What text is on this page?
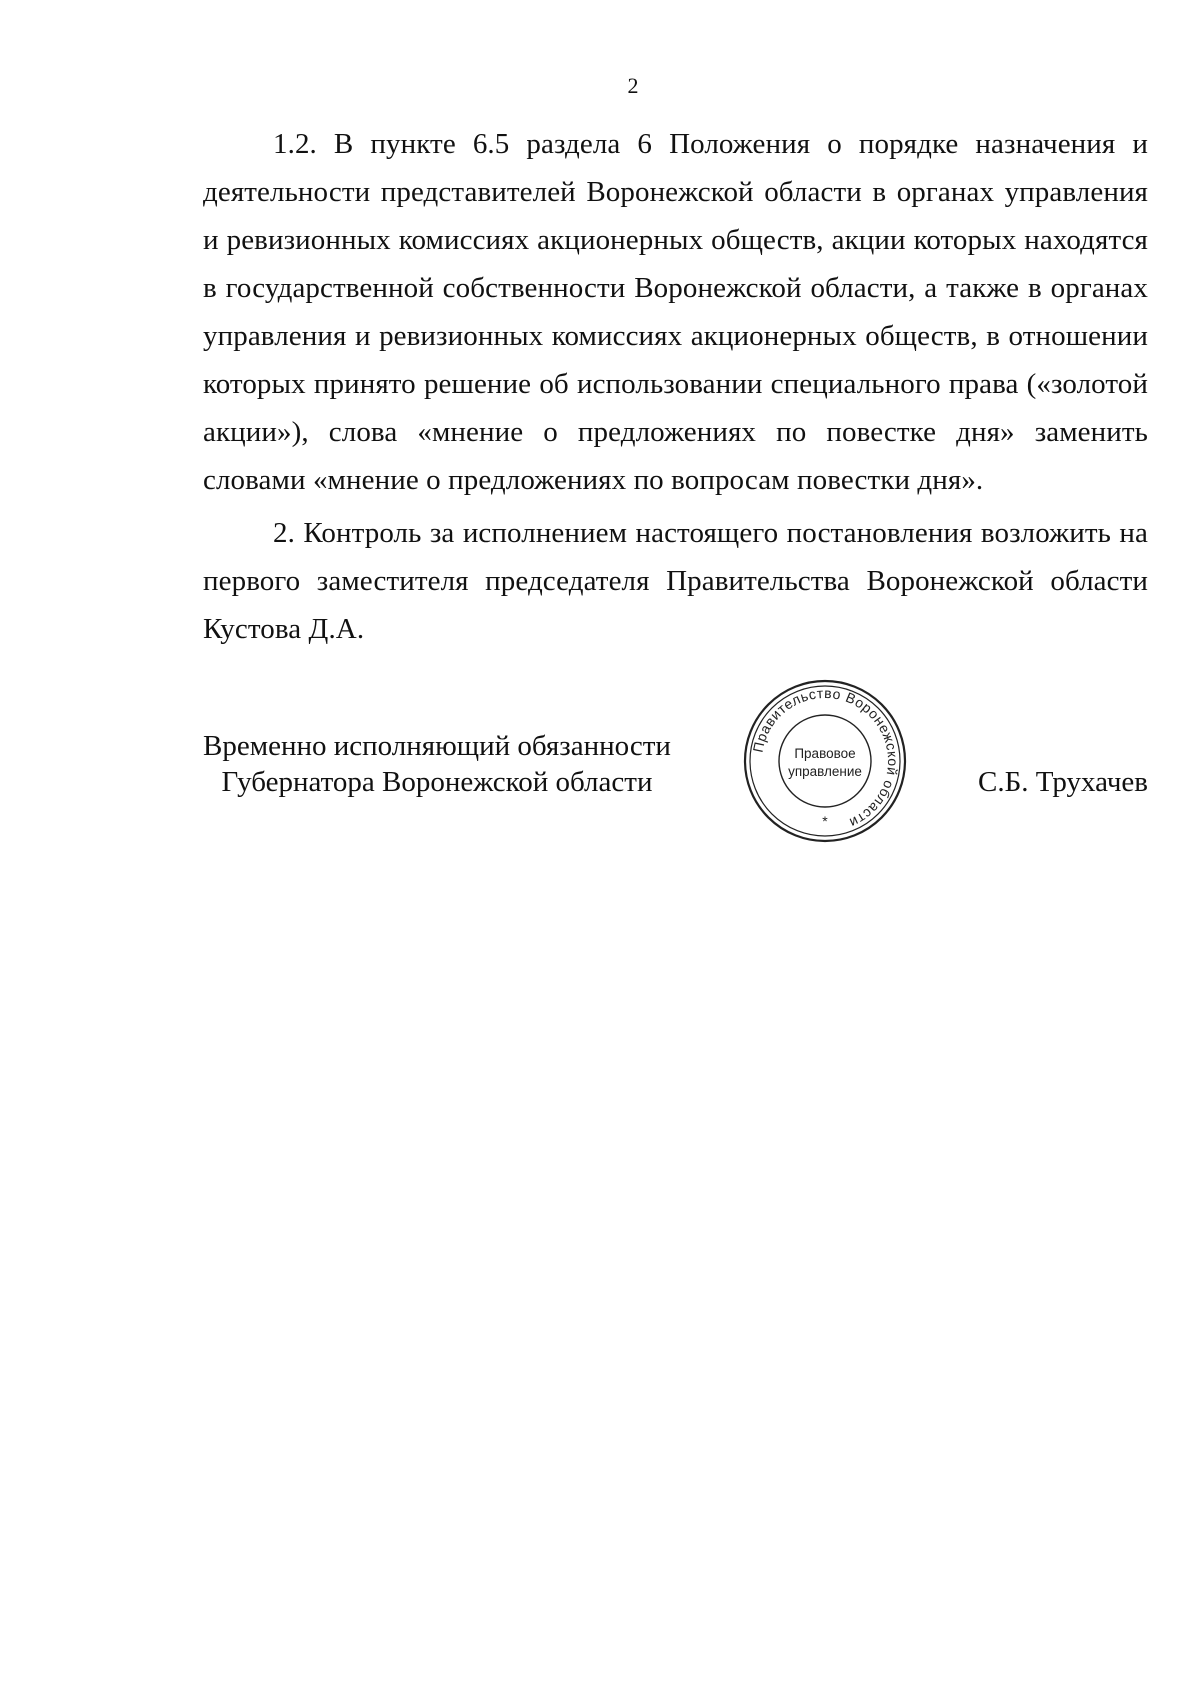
2

1.2. В пункте 6.5 раздела 6 Положения о порядке назначения и деятельности представителей Воронежской области в органах управления и ревизионных комиссиях акционерных обществ, акции которых находятся в государственной собственности Воронежской области, а также в органах управления и ревизионных комиссиях акционерных обществ, в отношении которых принято решение об использовании специального права («золотой акции»), слова «мнение о предложениях по повестке дня» заменить словами «мнение о предложениях по вопросам повестки дня».

2. Контроль за исполнением настоящего постановления возложить на первого заместителя председателя Правительства Воронежской области Кустова Д.А.

Временно исполняющий обязанности
Губернатора Воронежской области
Правительство Воронежской области
Правовое
управление
*
С.Б. Трухачев
